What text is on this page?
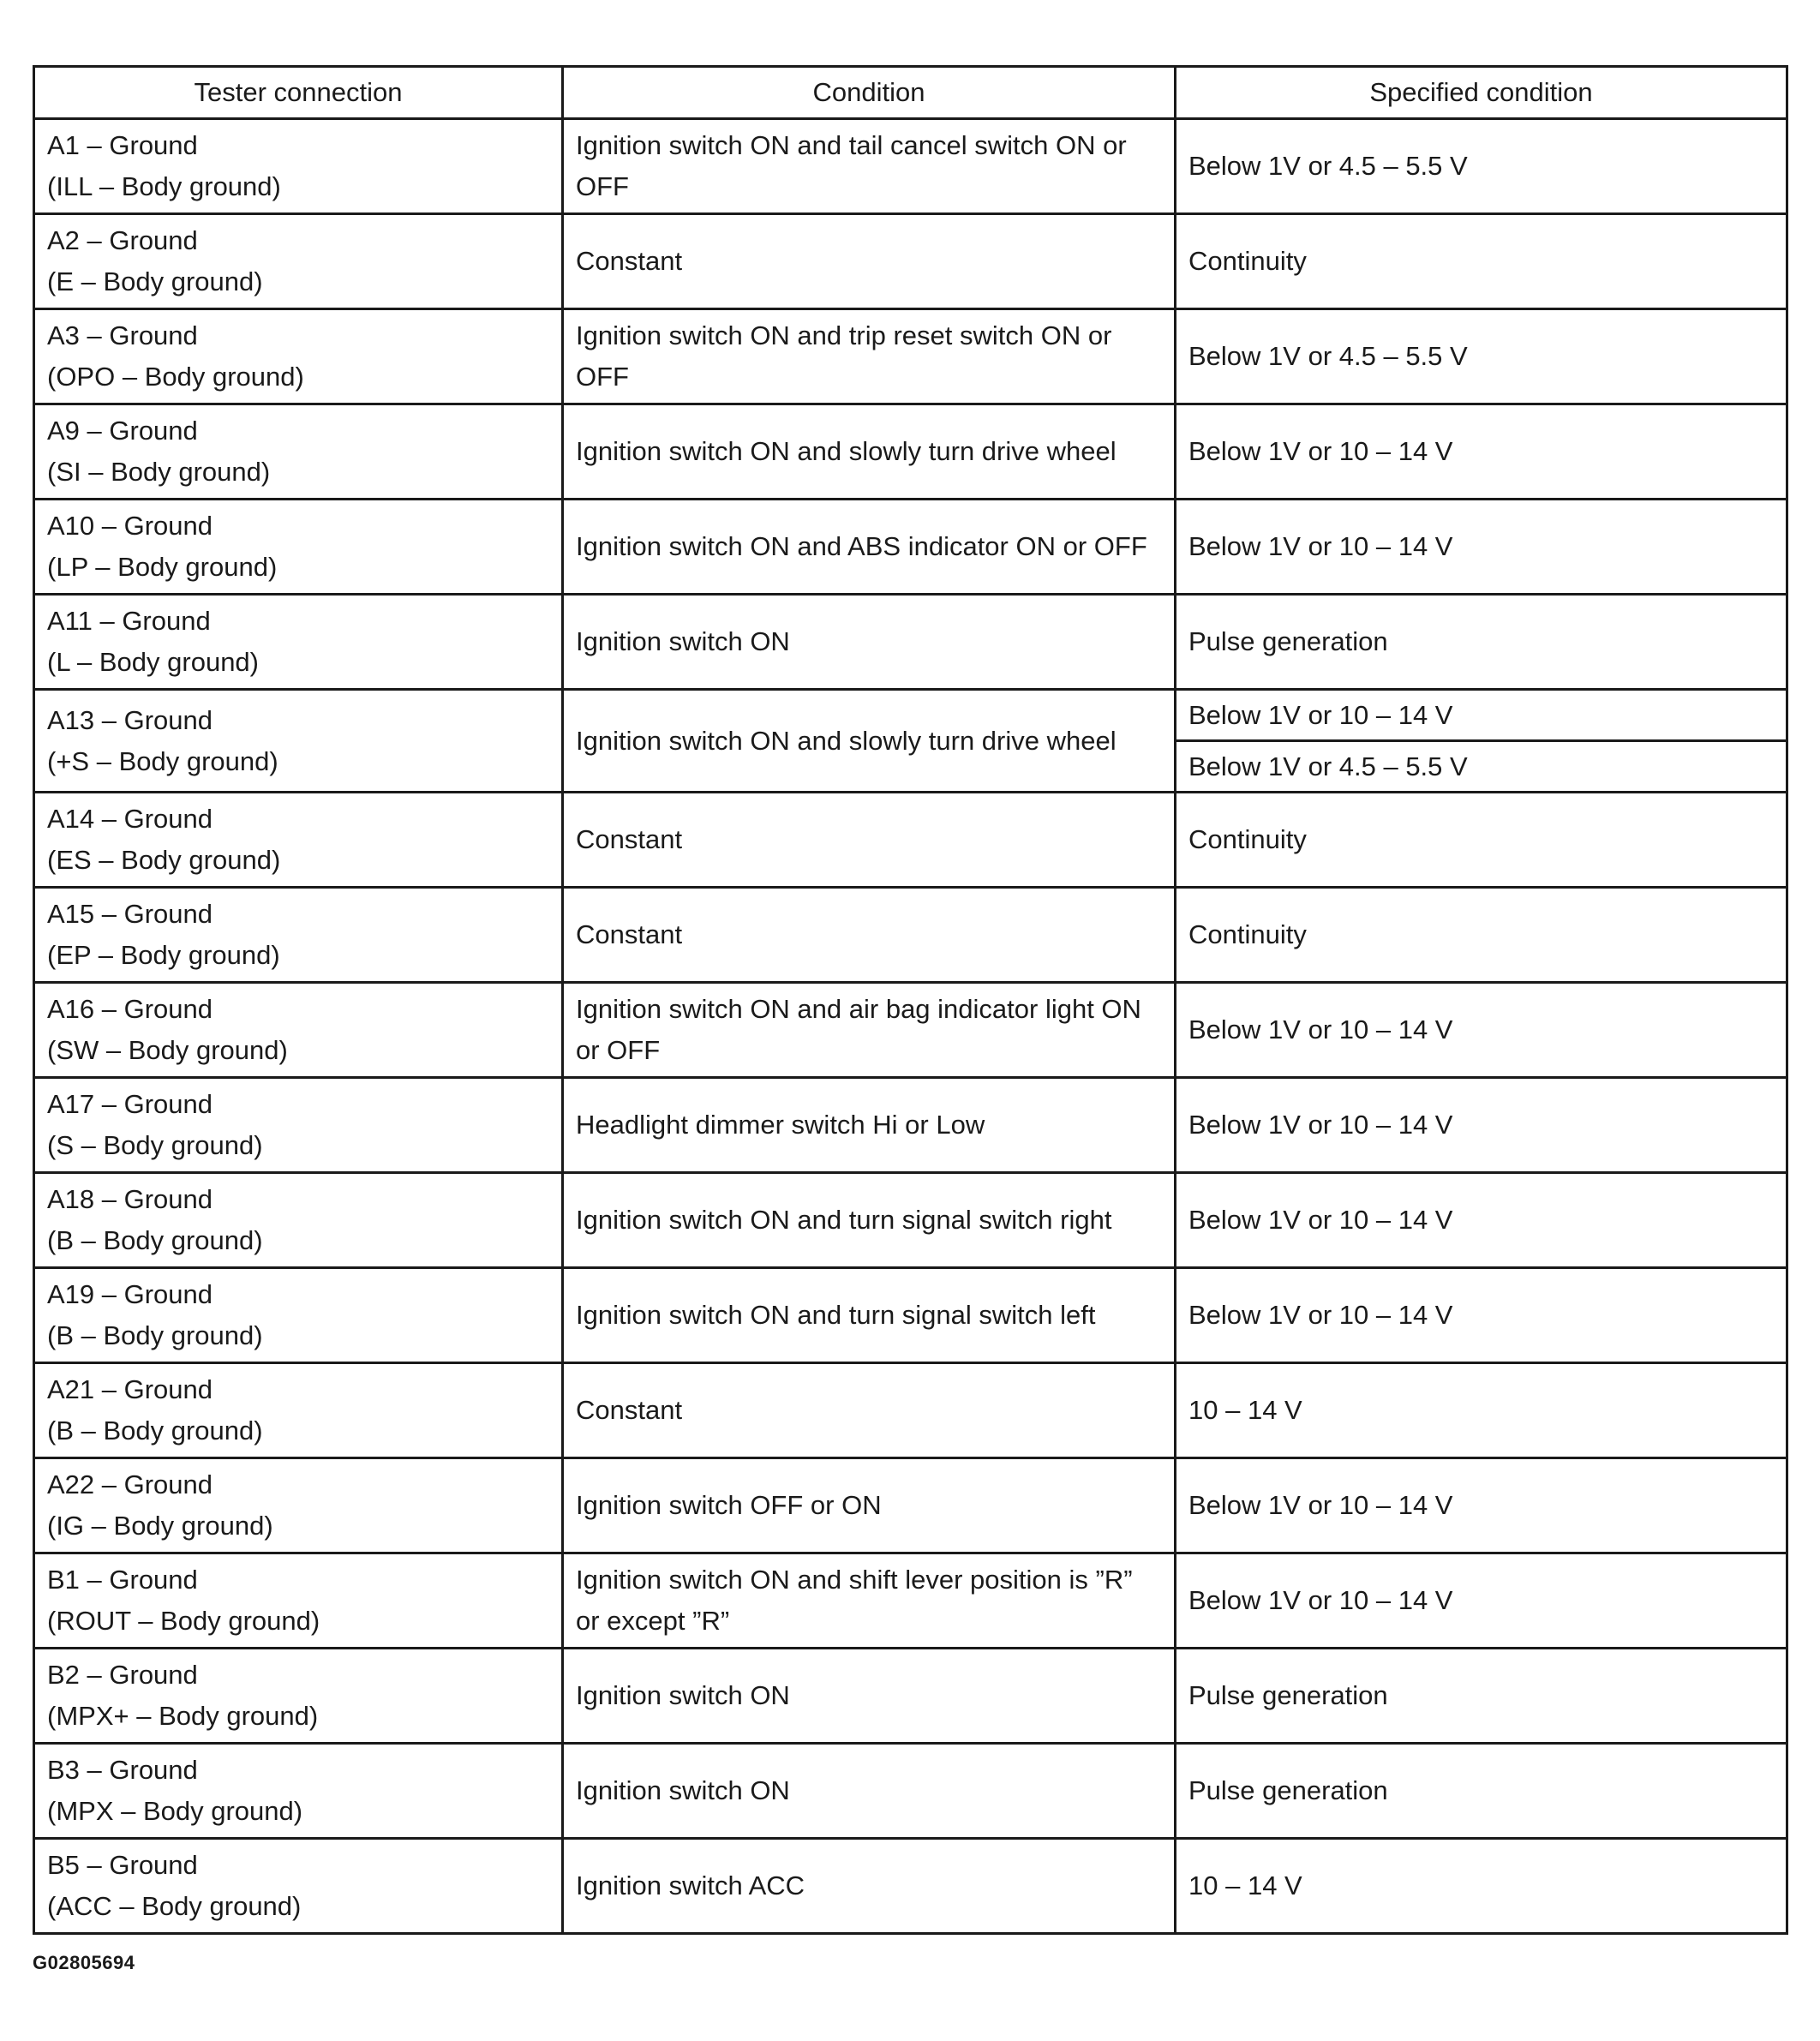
Tester connection	Condition	Specified condition

A1 – Ground
(ILL – Body ground)	Ignition switch ON and tail cancel switch ON or OFF	Below 1V or 4.5 – 5.5 V

A2 – Ground
(E – Body ground)	Constant	Continuity

A3 – Ground
(OPO – Body ground)	Ignition switch ON and trip reset switch ON or OFF	Below 1V or 4.5 – 5.5 V

A9 – Ground
(SI – Body ground)	Ignition switch ON and slowly turn drive wheel	Below 1V or 10 – 14 V

A10 – Ground
(LP – Body ground)	Ignition switch ON and ABS indicator ON or OFF	Below 1V or 10 – 14 V

A11 – Ground
(L – Body ground)	Ignition switch ON	Pulse generation

A13 – Ground
(+S – Body ground)	Ignition switch ON and slowly turn drive wheel	Below 1V or 10 – 14 V
		Below 1V or 4.5 – 5.5 V

A14 – Ground
(ES – Body ground)	Constant	Continuity

A15 – Ground
(EP – Body ground)	Constant	Continuity

A16 – Ground
(SW – Body ground)	Ignition switch ON and air bag indicator light ON or OFF	Below 1V or 10 – 14 V

A17 – Ground
(S – Body ground)	Headlight dimmer switch Hi or Low	Below 1V or 10 – 14 V

A18 – Ground
(B – Body ground)	Ignition switch ON and turn signal switch right	Below 1V or 10 – 14 V

A19 – Ground
(B – Body ground)	Ignition switch ON and turn signal switch left	Below 1V or 10 – 14 V

A21 – Ground
(B – Body ground)	Constant	10 – 14 V

A22 – Ground
(IG – Body ground)	Ignition switch OFF or ON	Below 1V or 10 – 14 V

B1 – Ground
(ROUT – Body ground)	Ignition switch ON and shift lever position is ”R” or except ”R”	Below 1V or 10 – 14 V

B2 – Ground
(MPX+ – Body ground)	Ignition switch ON	Pulse generation

B3 – Ground
(MPX – Body ground)	Ignition switch ON	Pulse generation

B5 – Ground
(ACC – Body ground)	Ignition switch ACC	10 – 14 V
G02805694
